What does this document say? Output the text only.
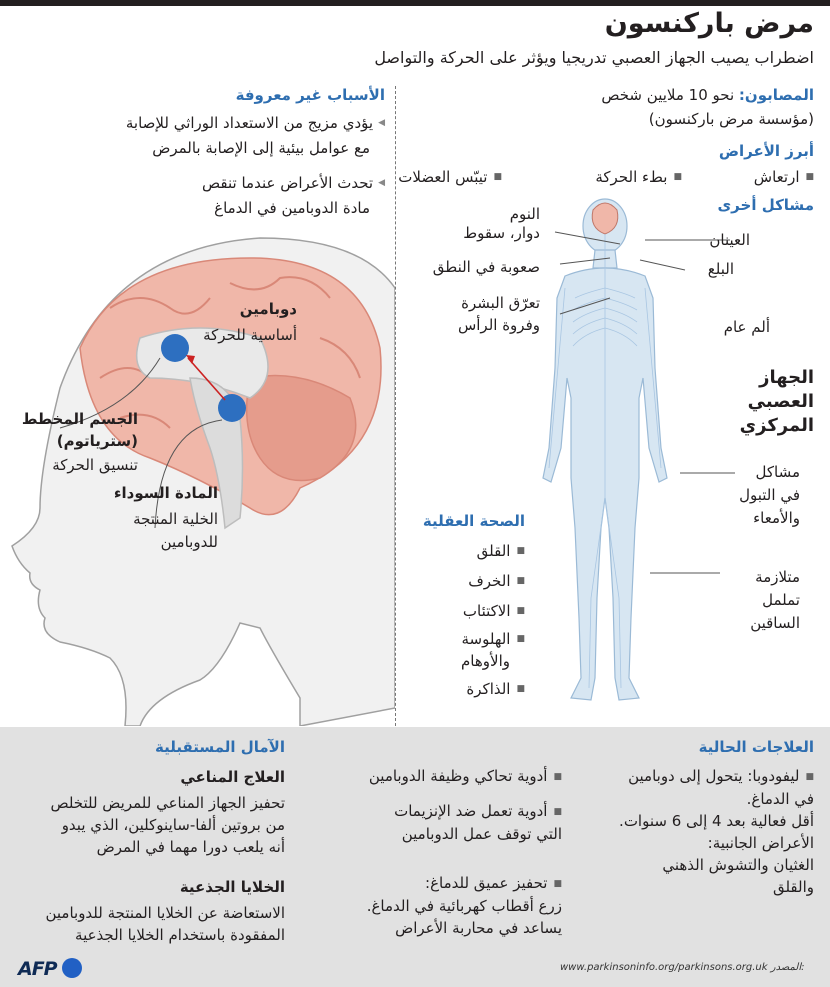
مرض باركنسون
اضطراب يصيب الجهاز العصبي تدريجيا ويؤثر على الحركة والتواصل
المصابون: نحو 10 ملايين شخص
(مؤسسة مرض باركنسون)
أبرز الأعراض
■ ارتعاش
■ بطء الحركة
■ تيبّس العضلات
مشاكل أخرى
النوم
دوار، سقوط
صعوبة في النطق
تعرّق البشرة
وفروة الرأس
العينان
البلع
ألم عام
الجهاز
العصبي
المركزي
مشاكل
في التبول
والأمعاء
متلازمة
تململ
الساقين
الصحة العقلية
■ القلق
■ الخرف
■ الاكتئاب
■ الهلوسة
والأوهام
■ الذاكرة
الأسباب غير معروفة
◀ يؤدي مزيج من الاستعداد الوراثي للإصابة
مع عوامل بيئية إلى الإصابة بالمرض
◀ تحدث الأعراض عندما تنقص
مادة الدوبامين في الدماغ
دوبامين
أساسية للحركة
الجسم المخطط
(ستریاتوم)
تنسيق الحركة
المادة السوداء
الخلية المنتجة
للدوبامين
العلاجات الحالية
■ ليفودوبا: يتحول إلى دوبامين
في الدماغ.
أقل فعالية بعد 4 إلى 6 سنوات.
الأعراض الجانبية:
الغثيان والتشوش الذهني
والقلق
■ أدوية تحاكي وظيفة الدوبامين
■ أدوية تعمل ضد الإنزيمات
التي توقف عمل الدوبامين
■ تحفيز عميق للدماغ:
زرع أقطاب كهربائية في الدماغ.
يساعد في محاربة الأعراض
الآمال المستقبلية
العلاج المناعي
تحفيز الجهاز المناعي للمريض للتخلص
من بروتين ألفا-ساينوكلين، الذي يبدو
أنه يلعب دورا مهما في المرض
الخلايا الجذعية
الاستعاضة عن الخلايا المنتجة للدوبامين
المفقودة باستخدام الخلايا الجذعية
AFP	www.parkinsoninfo.org/parkinsons.org.uk المصدر:
